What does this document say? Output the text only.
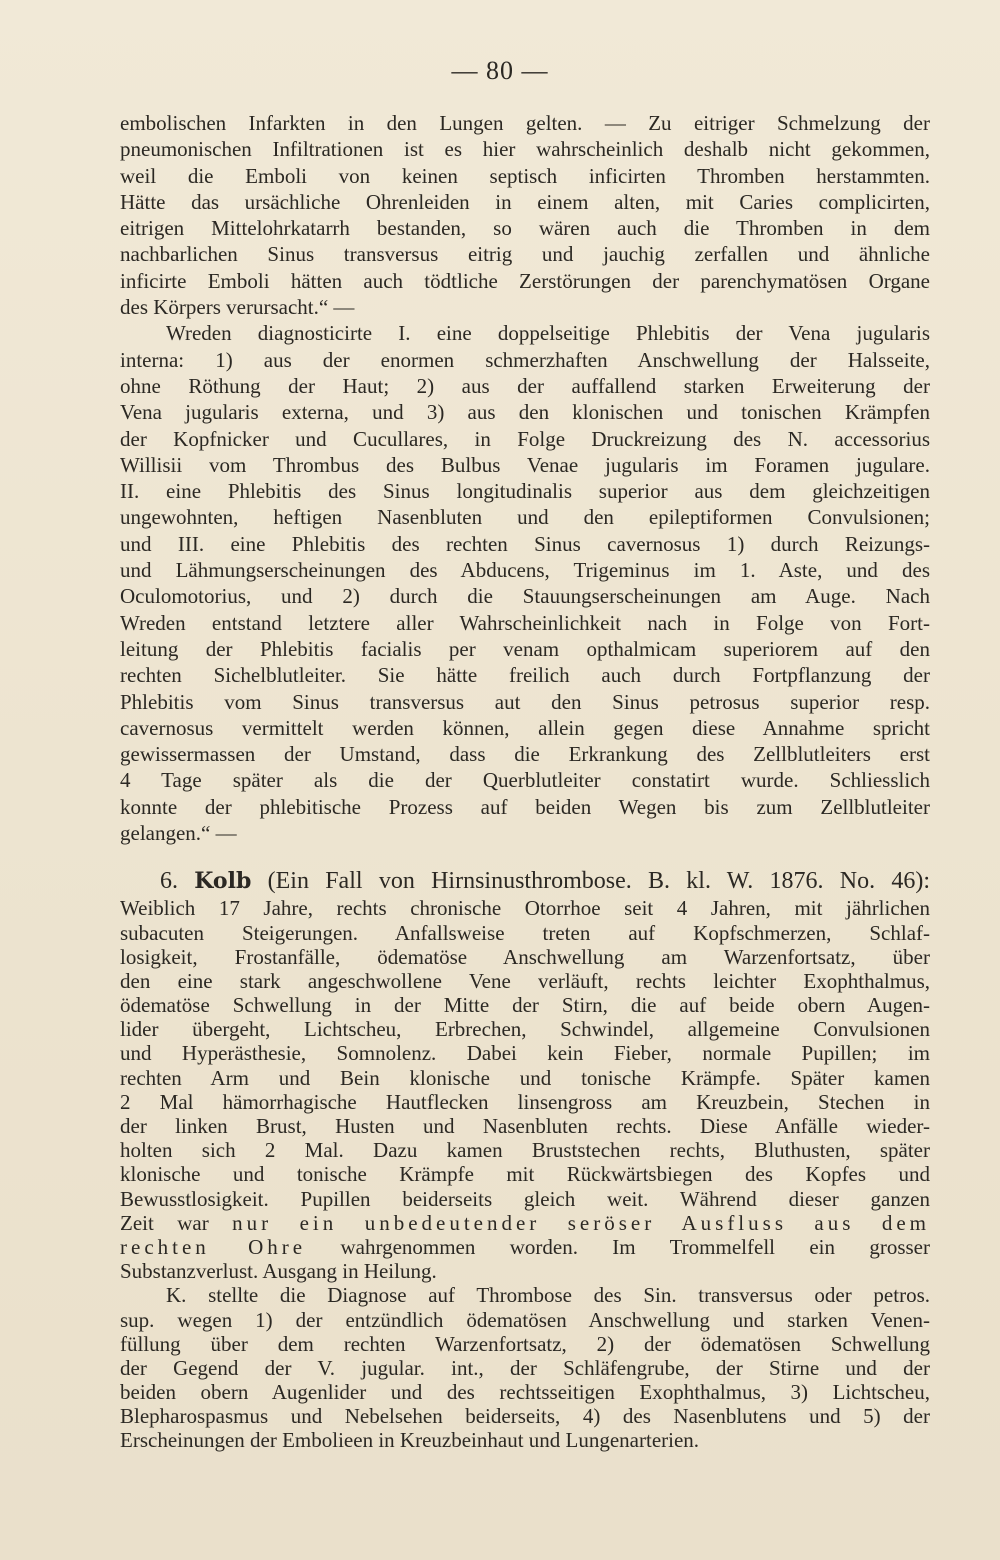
— 80 —
embolischen Infarkten in den Lungen gelten. — Zu eitriger Schmelzung der
pneumonischen Infiltrationen ist es hier wahrscheinlich deshalb nicht gekommen,
weil die Emboli von keinen septisch inficirten Thromben herstammten.
Hätte das ursächliche Ohrenleiden in einem alten, mit Caries complicirten,
eitrigen Mittelohrkatarrh bestanden, so wären auch die Thromben in dem
nachbarlichen Sinus transversus eitrig und jauchig zerfallen und ähnliche
inficirte Emboli hätten auch tödtliche Zerstörungen der parenchymatösen Organe
des Körpers verursacht.“ —
Wreden diagnosticirte I. eine doppelseitige Phlebitis der Vena jugularis
interna: 1) aus der enormen schmerzhaften Anschwellung der Halsseite,
ohne Röthung der Haut; 2) aus der auffallend starken Erweiterung der
Vena jugularis externa, und 3) aus den klonischen und tonischen Krämpfen
der Kopfnicker und Cucullares, in Folge Druckreizung des N. accessorius
Willisii vom Thrombus des Bulbus Venae jugularis im Foramen jugulare.
II. eine Phlebitis des Sinus longitudinalis superior aus dem gleichzeitigen
ungewohnten, heftigen Nasenbluten und den epileptiformen Convulsionen;
und III. eine Phlebitis des rechten Sinus cavernosus 1) durch Reizungs-
und Lähmungserscheinungen des Abducens, Trigeminus im 1. Aste, und des
Oculomotorius, und 2) durch die Stauungserscheinungen am Auge. Nach
Wreden entstand letztere aller Wahrscheinlichkeit nach in Folge von Fort-
leitung der Phlebitis facialis per venam opthalmicam superiorem auf den
rechten Sichelblutleiter. Sie hätte freilich auch durch Fortpflanzung der
Phlebitis vom Sinus transversus aut den Sinus petrosus superior resp.
cavernosus vermittelt werden können, allein gegen diese Annahme spricht
gewissermassen der Umstand, dass die Erkrankung des Zellblutleiters erst
4 Tage später als die der Querblutleiter constatirt wurde. Schliesslich
konnte der phlebitische Prozess auf beiden Wegen bis zum Zellblutleiter
gelangen.“ —
6. Kolb (Ein Fall von Hirnsinusthrombose. B. kl. W. 1876. No. 46):
Weiblich 17 Jahre, rechts chronische Otorrhoe seit 4 Jahren, mit jährlichen
subacuten Steigerungen. Anfallsweise treten auf Kopfschmerzen, Schlaf-
losigkeit, Frostanfälle, ödematöse Anschwellung am Warzenfortsatz, über
den eine stark angeschwollene Vene verläuft, rechts leichter Exophthalmus,
ödematöse Schwellung in der Mitte der Stirn, die auf beide obern Augen-
lider übergeht, Lichtscheu, Erbrechen, Schwindel, allgemeine Convulsionen
und Hyperästhesie, Somnolenz. Dabei kein Fieber, normale Pupillen; im
rechten Arm und Bein klonische und tonische Krämpfe. Später kamen
2 Mal hämorrhagische Hautflecken linsengross am Kreuzbein, Stechen in
der linken Brust, Husten und Nasenbluten rechts. Diese Anfälle wieder-
holten sich 2 Mal. Dazu kamen Bruststechen rechts, Bluthusten, später
klonische und tonische Krämpfe mit Rückwärtsbiegen des Kopfes und
Bewusstlosigkeit. Pupillen beiderseits gleich weit. Während dieser ganzen
Zeit war nur ein unbedeutender seröser Ausfluss aus dem
rechten Ohre wahrgenommen worden. Im Trommelfell ein grosser
Substanzverlust. Ausgang in Heilung.
K. stellte die Diagnose auf Thrombose des Sin. transversus oder petros.
sup. wegen 1) der entzündlich ödematösen Anschwellung und starken Venen-
füllung über dem rechten Warzenfortsatz, 2) der ödematösen Schwellung
der Gegend der V. jugular. int., der Schläfengrube, der Stirne und der
beiden obern Augenlider und des rechtsseitigen Exophthalmus, 3) Lichtscheu,
Blepharospasmus und Nebelsehen beiderseits, 4) des Nasenblutens und 5) der
Erscheinungen der Embolieen in Kreuzbeinhaut und Lungenarterien.
